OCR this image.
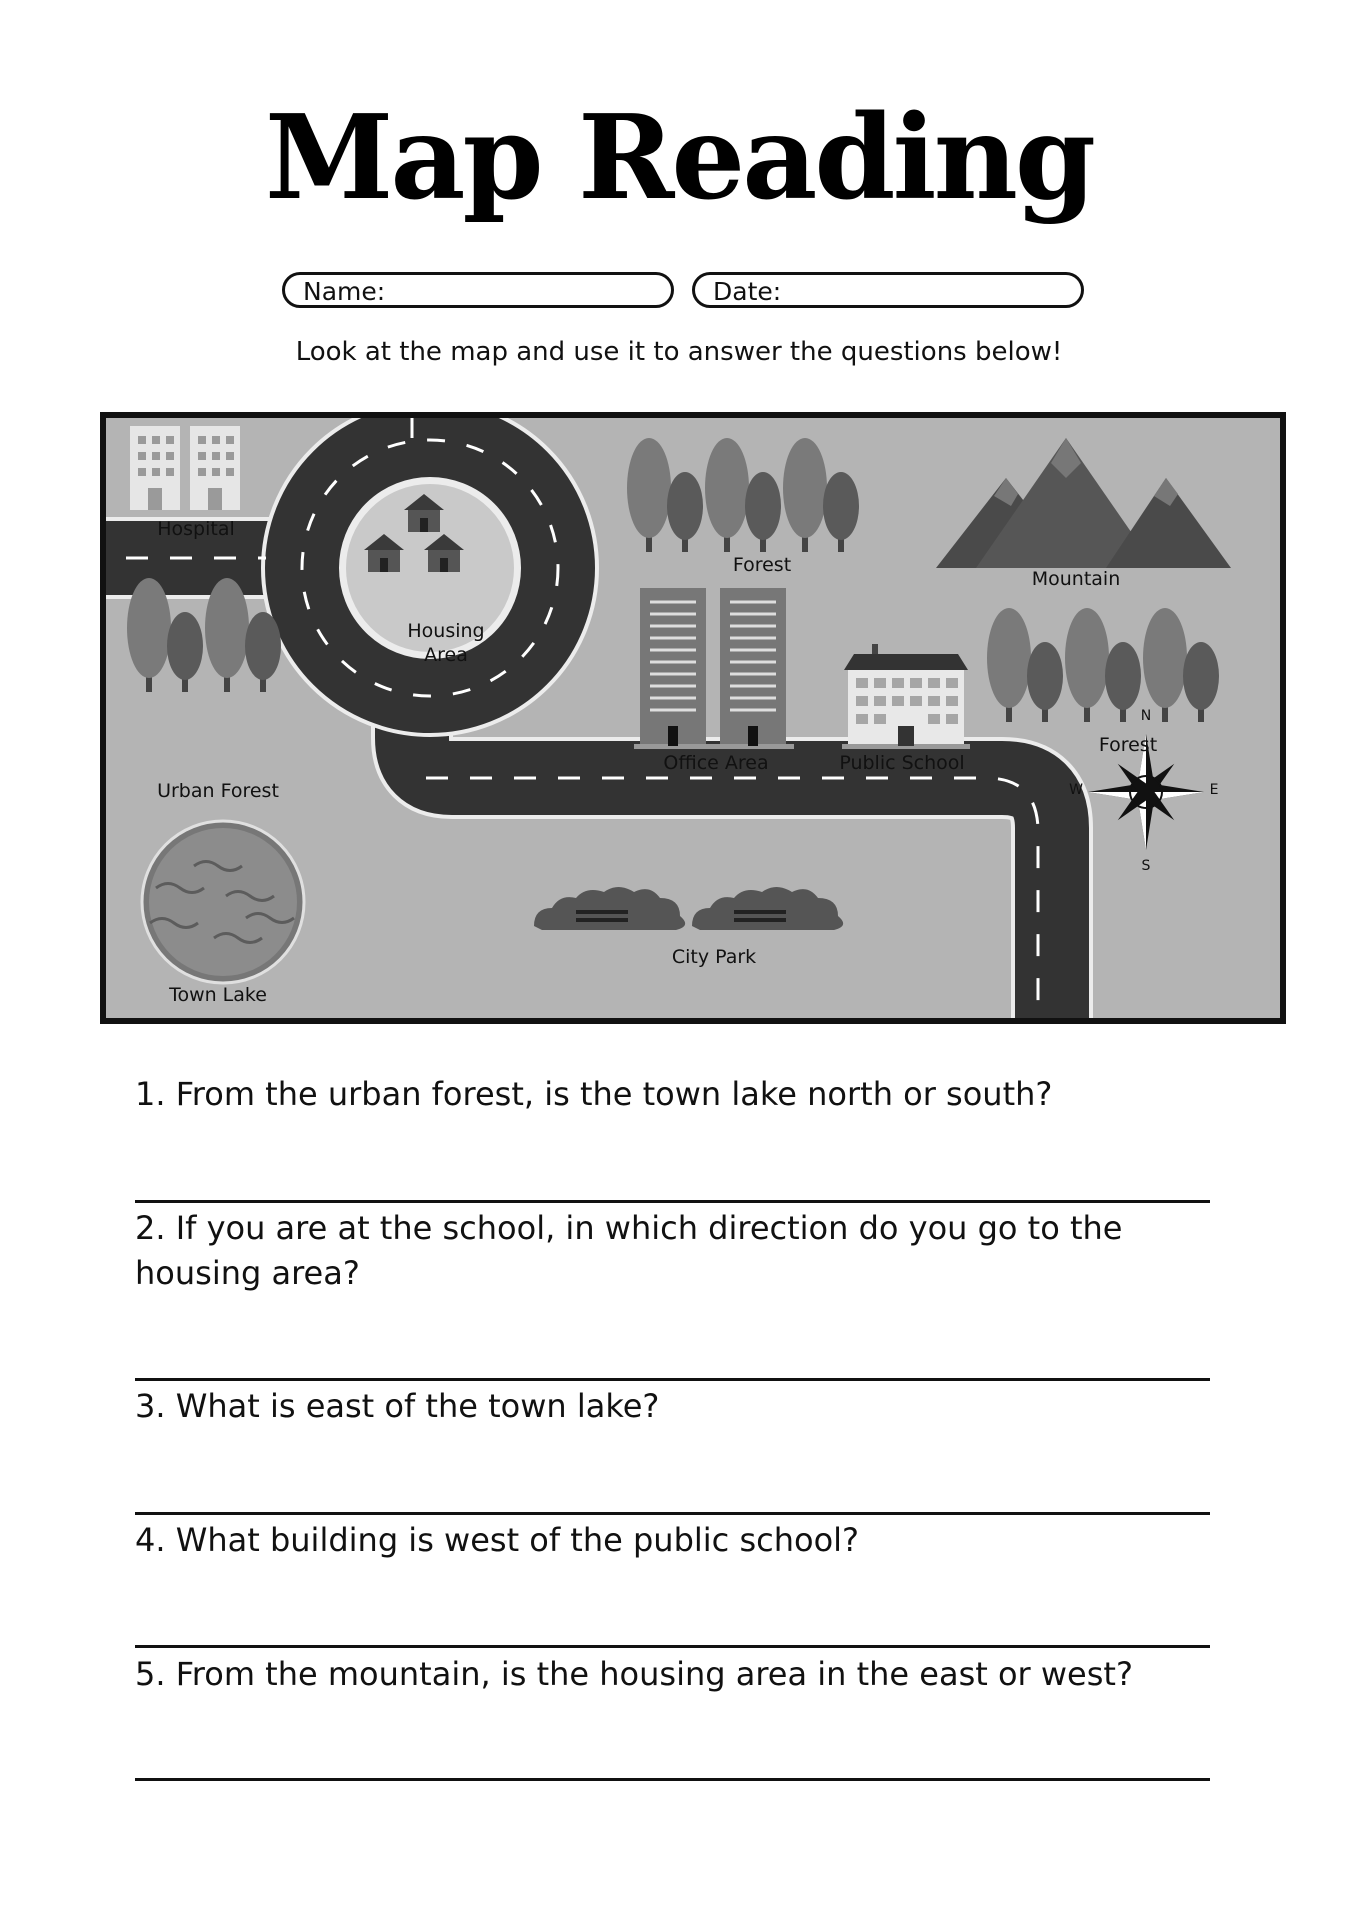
Map Reading
Name:	Date:
Look at the map and use it to answer the questions below!
Hospital
Housing
Area
Forest
Mountain
Urban Forest
Office Area	Public School
Forest
City Park
Town Lake
N
S
E
W
1. From the urban forest, is the town lake north or south?
2. If you are at the school, in which direction do you go to the housing area?
3. What is east of the town lake?
4. What building is west of the public school?
5. From the mountain, is the housing area in the east or west?
